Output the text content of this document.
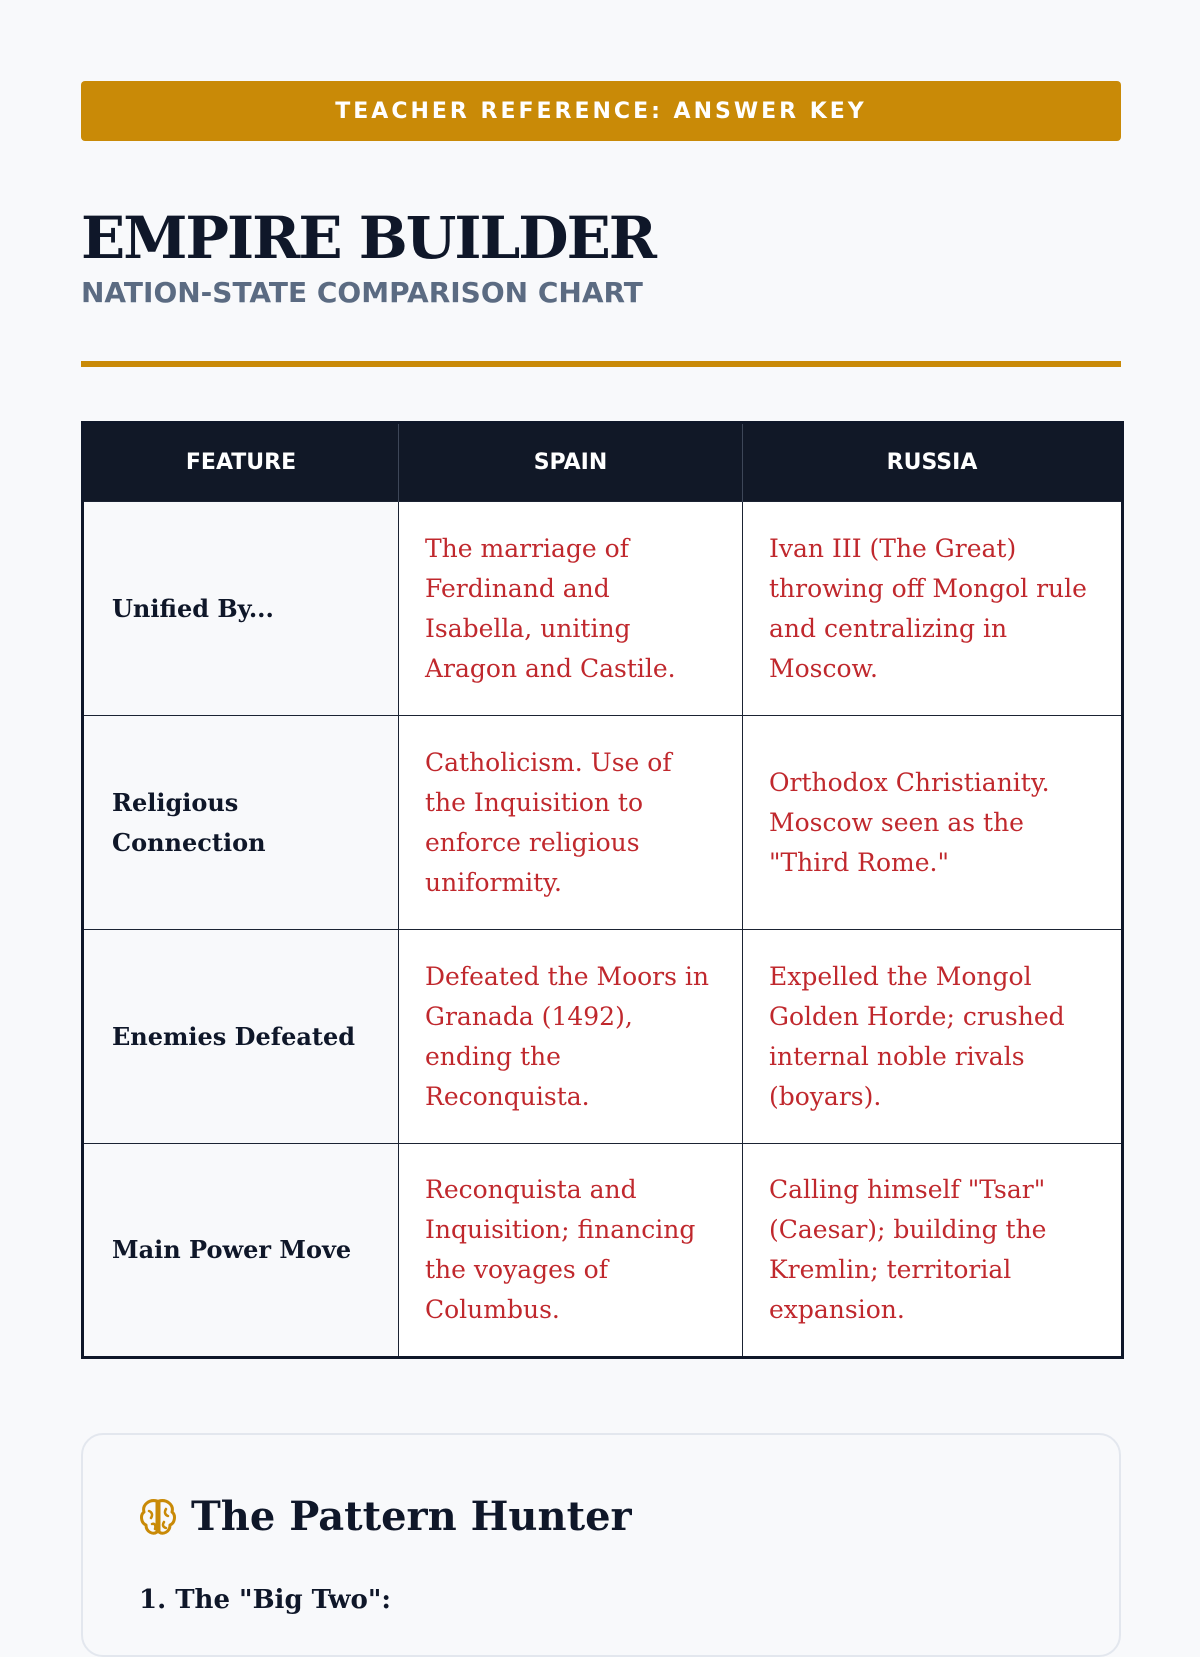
TEACHER REFERENCE: ANSWER KEY
EMPIRE BUILDER
NATION-STATE COMPARISON CHART
FEATURE	SPAIN	RUSSIA
Unified By...	The marriage of Ferdinand and Isabella, uniting Aragon and Castile.	Ivan III (The Great) throwing off Mongol rule and centralizing in Moscow.
Religious Connection	Catholicism. Use of the Inquisition to enforce religious uniformity.	Orthodox Christianity. Moscow seen as the "Third Rome."
Enemies Defeated	Defeated the Moors in Granada (1492), ending the Reconquista.	Expelled the Mongol Golden Horde; crushed internal noble rivals (boyars).
Main Power Move	Reconquista and Inquisition; financing the voyages of Columbus.	Calling himself "Tsar" (Caesar); building the Kremlin; territorial expansion.
The Pattern Hunter
1. The "Big Two":
